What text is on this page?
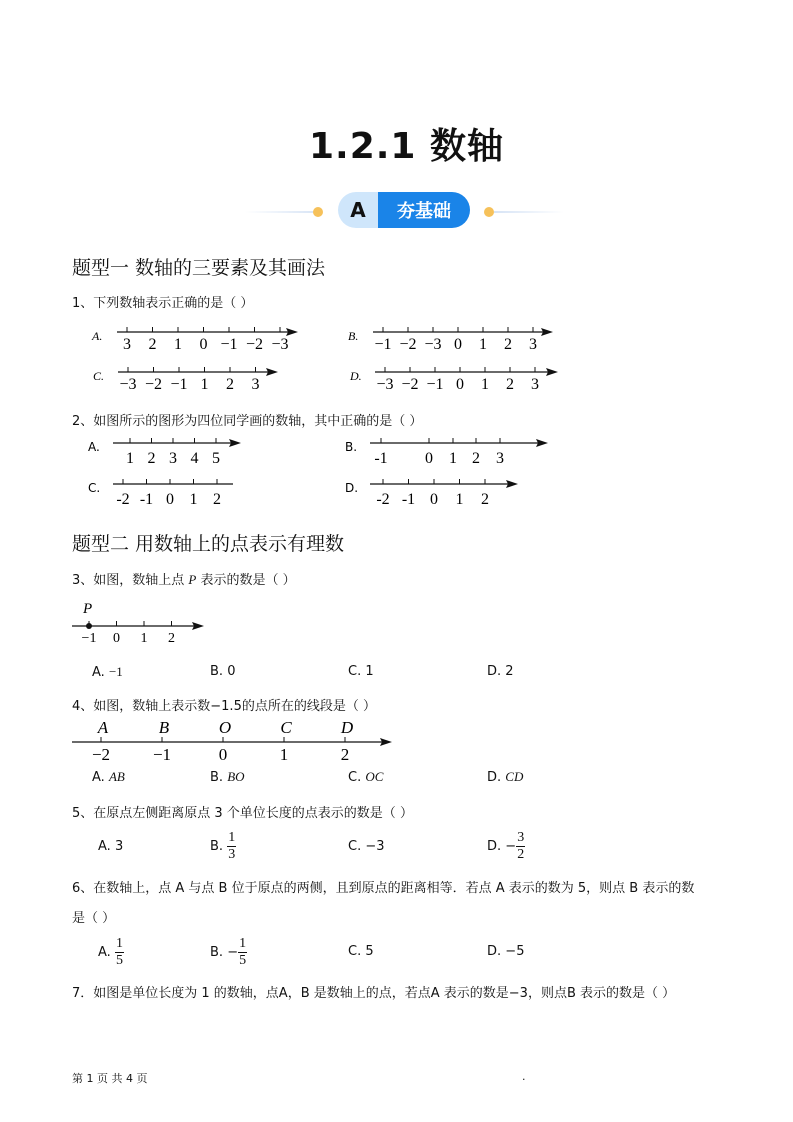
1.2.1 数轴
A	夯基础
题型一 数轴的三要素及其画法
1、下列数轴表示正确的是（ ）
2、如图所示的图形为四位同学画的数轴，其中正确的是（ ）
题型二 用数轴上的点表示有理数
3、如图，数轴上点 P 表示的数是（ ）
A. −1	B. 0	C. 1	D. 2
4、如图，数轴上表示数−1.5的点所在的线段是（ ）
A. AB	B. BO	C. OC	D. CD
5、在原点左侧距离原点 3 个单位长度的点表示的数是（ ）
A. 3	B. $\frac{1}{3}$	C. −3	D. − $\frac{3}{2}$
6、在数轴上，点 A 与点 B 位于原点的两侧，且到原点的距离相等．若点 A 表示的数为 5，则点 B 表示的数
是（ ）
A. $\frac{1}{5}$	B. − $\frac{1}{5}$	C. 5	D. −5
7．如图是单位长度为 1 的数轴，点A，B 是数轴上的点，若点A 表示的数是−3，则点B 表示的数是（ ）
第 1 页 共 4 页	.
3 2 1 0 −1 −2 −3
A.	−1 −2 −3 0 1 2 3
B.
−3 −2 −1 1 2 3
C.	−3 −2 −1 0 1 2 3
D.
1 2 3 4 5
A.
-1 0 1 2 3
B.
-2 -1 0 1 2
C.
-2 -1 0 1 2
D.
−1 0 1 2
P
−2	−1	0	1	2
A	B	O	C	D
